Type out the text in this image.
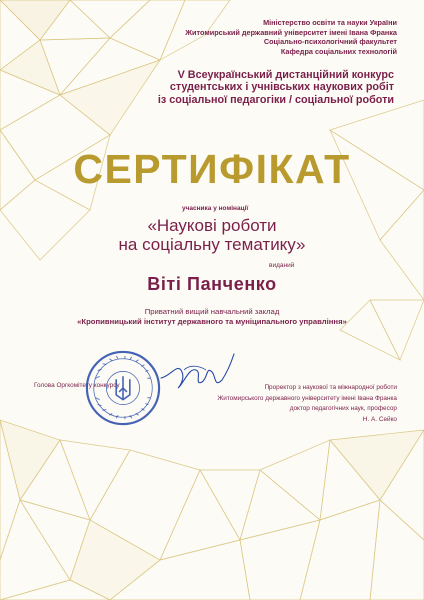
Міністерство освіти та науки України
Житомирський державний університет імені Івана Франка
Соціально-психологічний факультет
Кафедра соціальних технологій
V Всеукраїнський дистанційний конкурс
студентських і учнівських наукових робіт
із соціальної педагогіки / соціальної роботи
СЕРТИФІКАТ
учасника у номінації
«Наукові роботи
на соціальну тематику»
виданий
Віті Панченко
Приватний вищий навчальний заклад
«Кропивницький інститут державного та муніципального управління»
Голова Оргкомітету конкурсу	Проректор з наукової та міжнародної роботи
Житомирського державного університету імені Івана Франка
доктор педагогічних наук, професор
Н. А. Сейко
